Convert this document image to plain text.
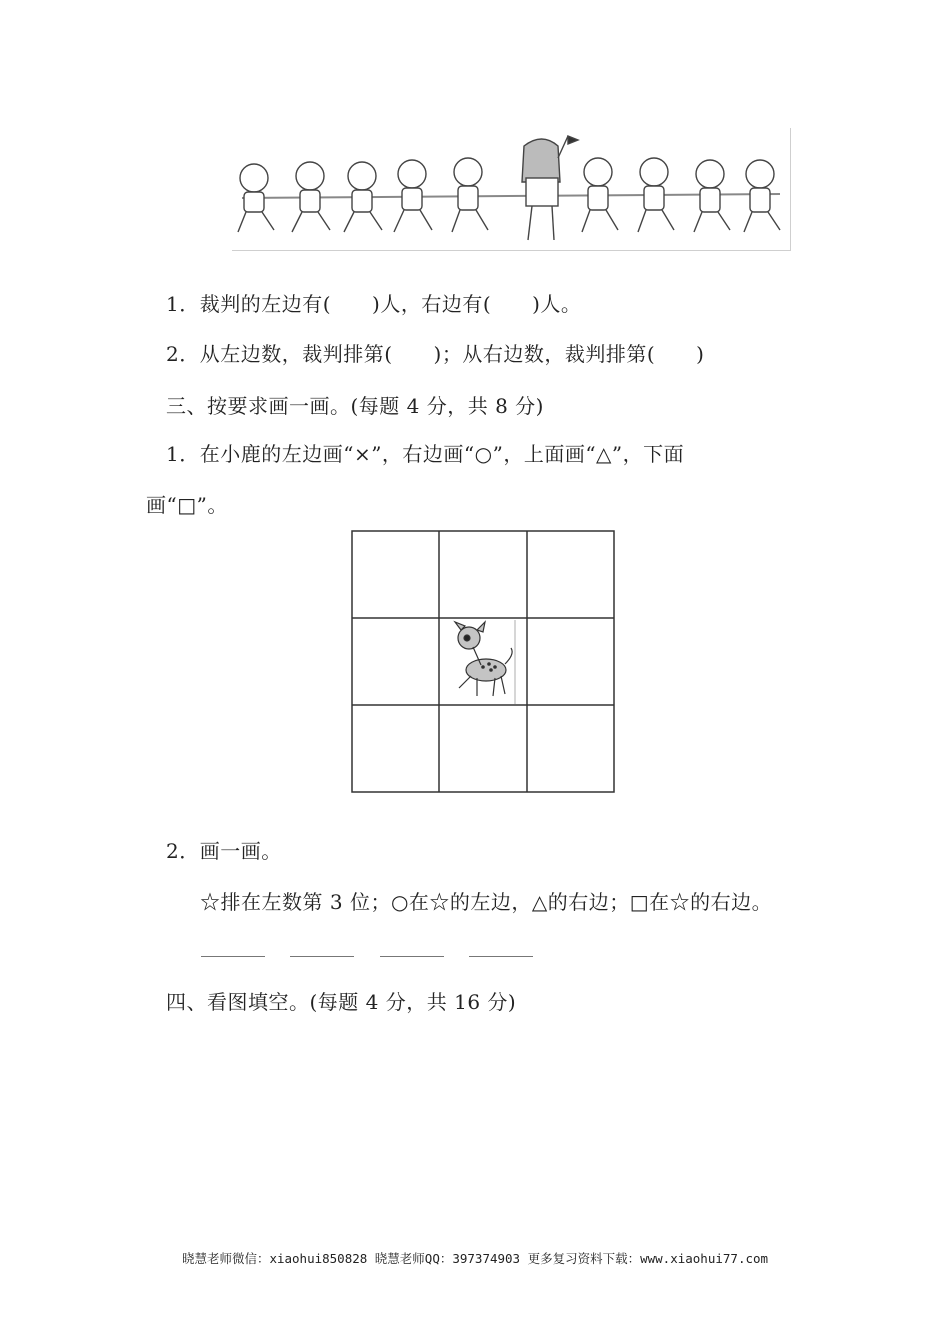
1．裁判的左边有(　　)人，右边有(　　)人。
2．从左边数，裁判排第(　　)；从右边数，裁判排第(　　)
三、按要求画一画。(每题 4 分，共 8 分)
1．在小鹿的左边画“×”，右边画“○”，上面画“△”，下面
画“□”。
2．画一画。
☆排在左数第 3 位；○在☆的左边，△的右边；□在☆的右边。
四、看图填空。(每题 4 分，共 16 分)
晓慧老师微信：xiaohui850828 晓慧老师QQ：397374903 更多复习资料下载：www.xiaohui77.com
